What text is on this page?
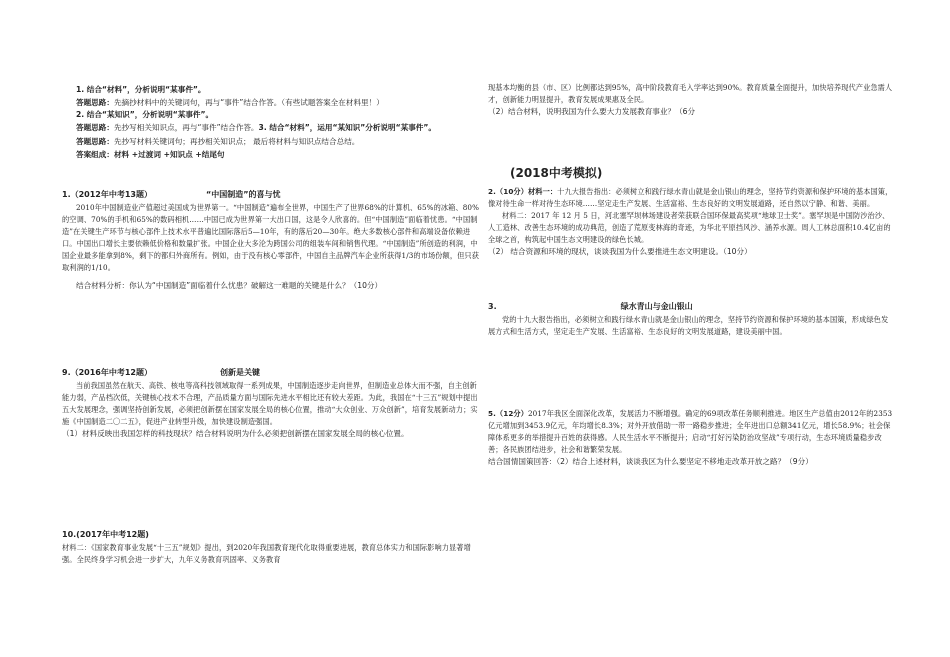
1. 结合“材料”，分析说明“某事件”。

答题思路：先摘抄材料中的关键词句，再与“事件”结合作答。（有些试题答案全在材料里！）

2. 结合“某知识”，分析说明“某事件”。

答题思路：先抄写相关知识点，再与“事件”结合作答。3. 结合“材料”，运用“某知识”分析说明“某事件”。

答题思路：先抄写材料关键词句；再抄相关知识点； 最后将材料与知识点结合总结。

答案组成：材料 +过渡词 +知识点 +结尾句

1.（2012年中考13题）	“中国制造”的喜与忧

2010年中国制造业产值超过美国成为世界第一。“中国制造”遍布全世界，中国生产了世界68%的计算机、65%的冰箱、80%的空调、70%的手机和65%的数码相机……中国已成为世界第一大出口国，这是令人欣喜的。但“中国制造”面临着忧患。“中国制造”在关键生产环节与核心部件上技术水平普遍比国际落后5—10年，有的落后20—30年。绝大多数核心部件和高端设备依赖进口。中国出口增长主要依赖低价格和数量扩张。中国企业大多沦为跨国公司的组装车间和销售代理。“中国制造”所创造的利润，中国企业最多能拿到8%，剩下的都归外商所有。例如，由于没有核心零部件，中国自主品牌汽车企业所获得1/3的市场份额，但只获取利润的1/10。

结合材料分析：你认为“中国制造”面临着什么忧患？破解这一难题的关键是什么？（10分）

9.（2016年中考12题）	创新是关键

当前我国虽然在航天、高铁、核电等高科技领域取得一系列成果，中国制造逐步走向世界，但制造业总体大而不强，自主创新能力弱，产品档次低，关键核心技术不合理，产品质量方面与国际先进水平相比还有较大差距。为此，我国在“十三五”规划中提出五大发展理念，强调坚持创新发展，必须把创新摆在国家发展全局的核心位置，推动“大众创业、万众创新”，培育发展新动力；实施《中国制造二〇二五》，促进产业转型升级，加快建设制造强国。

（1）材料反映出我国怎样的科技现状？结合材料说明为什么必须把创新摆在国家发展全局的核心位置。

10.(2017年中考12题)

材料二：《国家教育事业发展“十三五”规划》提出，到2020年我国教育现代化取得重要进展，教育总体实力和国际影响力显著增强。全民终身学习机会进一步扩大，九年义务教育巩固率、义务教育

现基本均衡的县（市、区）比例都达到95%，高中阶段教育毛入学率达到90%。教育质量全面提升，加快培养现代产业急需人才，创新能力明显提升，教育发展成果惠及全民。

（2）结合材料，说明我国为什么要大力发展教育事业？（6分

(2018中考模拟)

2.（10分）材料一：十九大报告指出：必须树立和践行绿水青山就是金山银山的理念，坚持节约资源和保护环境的基本国策，像对待生命一样对待生态环境……坚定走生产发展、生活富裕、生态良好的文明发展道路，还自然以宁静、和谐、美丽。

材料二：2017 年 12 月 5 日，河北塞罕坝林场建设者荣获联合国环保最高奖项“地球卫士奖”。塞罕坝是中国防沙治沙、人工造林、改善生态环境的成功典范，创造了荒原变林海的奇迹，为华北平原挡风沙、涵养水源。周人工林总面积10.4亿亩的全球之首，构筑起中国生态文明建设的绿色长城。

（2） 结合资源和环境的现状，谈谈我国为什么要推进生态文明建设。（10分）

3.	绿水青山与金山银山

党的十九大报告指出，必须树立和践行绿水青山就是金山银山的理念，坚持节约资源和保护环境的基本国策，形成绿色发展方式和生活方式，坚定走生产发展、生活富裕、生态良好的文明发展道路，建设美丽中国。

5.（12分）2017年我区全面深化改革，发展活力不断增强。确定的69项改革任务顺利推进。地区生产总值由2012年的2353亿元增加到3453.9亿元，年均增长8.3%；对外开放借助一带一路稳步推进；全年进出口总额341亿元，增长58.9%；社会保障体系更多的举措提升百姓的获得感。人民生活水平不断提升；启动“打好污染防治攻坚战”专项行动，生态环境质量稳步改善；各民族团结进步，社会和谐繁荣发展。

结合国情国策回答：（2）结合上述材料，谈谈我区为什么要坚定不移地走改革开放之路？（9分）
